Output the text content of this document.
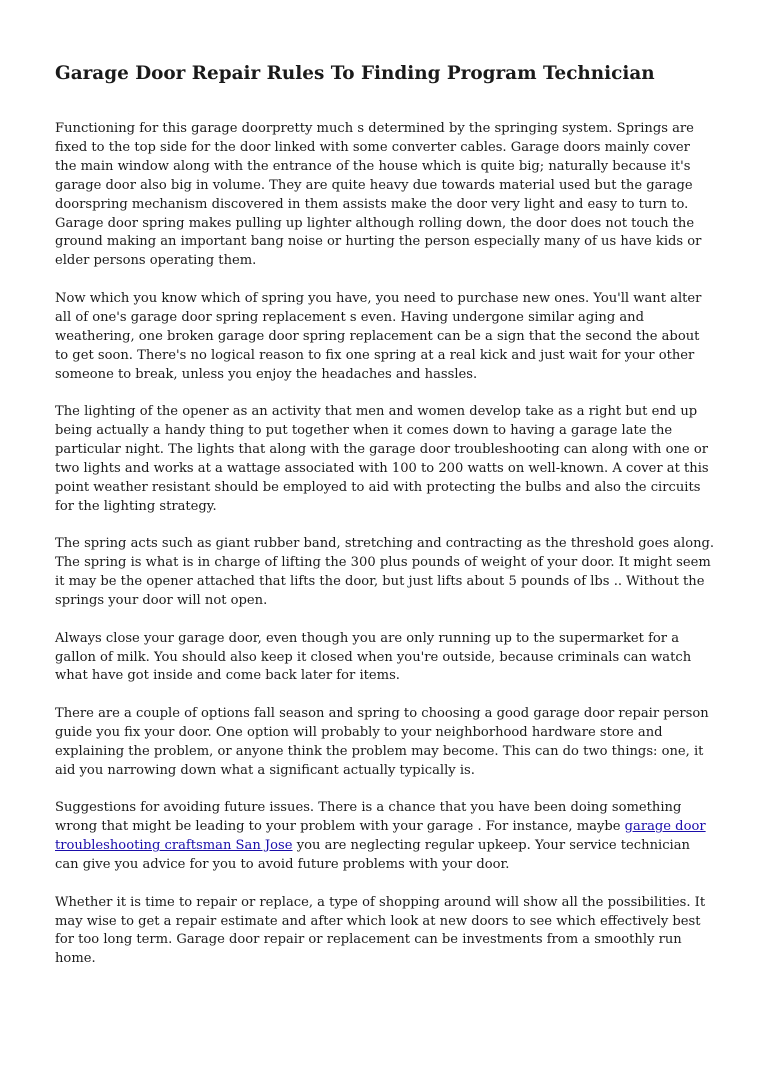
Garage Door Repair Rules To Finding Program Technician

Functioning for this garage doorpretty much s determined by the springing system. Springs are fixed to the top side for the door linked with some converter cables. Garage doors mainly cover the main window along with the entrance of the house which is quite big; naturally because it's garage door also big in volume. They are quite heavy due towards material used but the garage doorspring mechanism discovered in them assists make the door very light and easy to turn to. Garage door spring makes pulling up lighter although rolling down, the door does not touch the ground making an important bang noise or hurting the person especially many of us have kids or elder persons operating them.

Now which you know which of spring you have, you need to purchase new ones. You'll want alter all of one's garage door spring replacement s even. Having undergone similar aging and weathering, one broken garage door spring replacement can be a sign that the second the about to get soon. There's no logical reason to fix one spring at a real kick and just wait for your other someone to break, unless you enjoy the headaches and hassles.

The lighting of the opener as an activity that men and women develop take as a right but end up being actually a handy thing to put together when it comes down to having a garage late the particular night. The lights that along with the garage door troubleshooting can along with one or two lights and works at a wattage associated with 100 to 200 watts on well-known. A cover at this point weather resistant should be employed to aid with protecting the bulbs and also the circuits for the lighting strategy.

The spring acts such as giant rubber band, stretching and contracting as the threshold goes along. The spring is what is in charge of lifting the 300 plus pounds of weight of your door. It might seem it may be the opener attached that lifts the door, but just lifts about 5 pounds of lbs .. Without the springs your door will not open.

Always close your garage door, even though you are only running up to the supermarket for a gallon of milk. You should also keep it closed when you're outside, because criminals can watch what have got inside and come back later for items.

There are a couple of options fall season and spring to choosing a good garage door repair person guide you fix your door. One option will probably to your neighborhood hardware store and explaining the problem, or anyone think the problem may become. This can do two things: one, it aid you narrowing down what a significant actually typically is.

Suggestions for avoiding future issues. There is a chance that you have been doing something wrong that might be leading to your problem with your garage . For instance, maybe garage door troubleshooting craftsman San Jose you are neglecting regular upkeep. Your service technician can give you advice for you to avoid future problems with your door.

Whether it is time to repair or replace, a type of shopping around will show all the possibilities. It may wise to get a repair estimate and after which look at new doors to see which effectively best for too long term. Garage door repair or replacement can be investments from a smoothly run home.
